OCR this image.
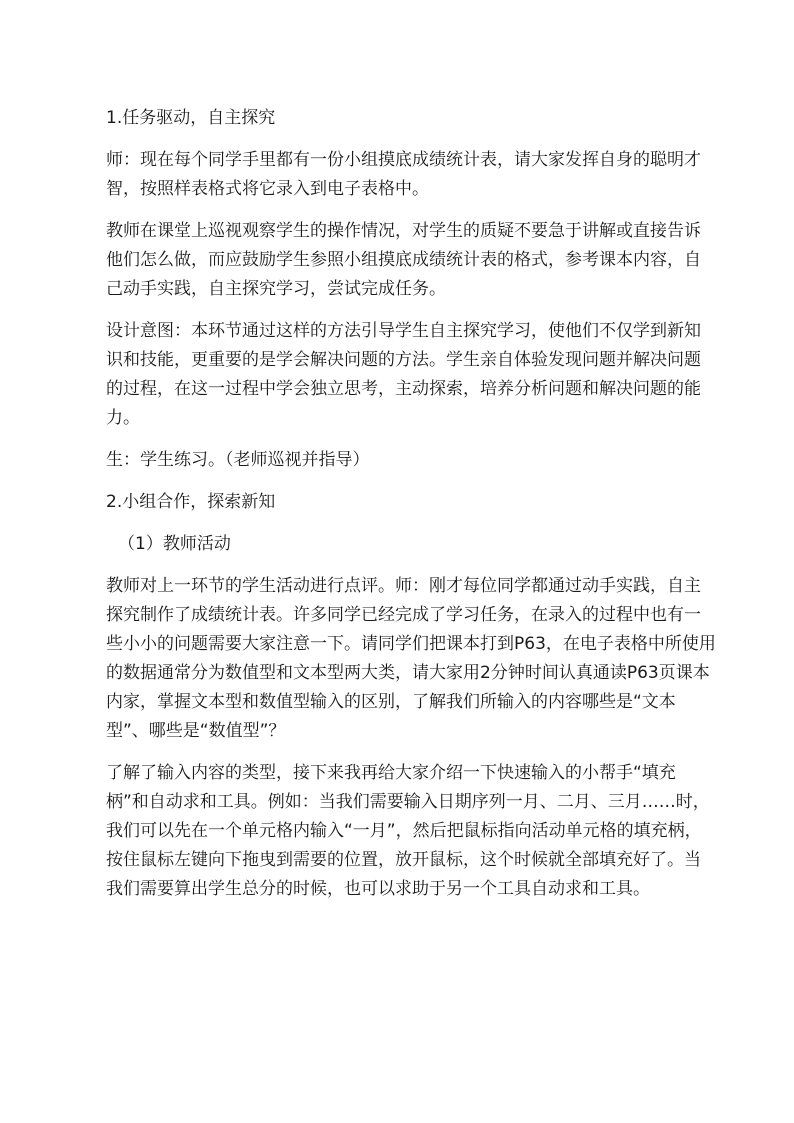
1.任务驱动，自主探究

师：现在每个同学手里都有一份小组摸底成绩统计表，请大家发挥自身的聪明才智，按照样表格式将它录入到电子表格中。

教师在课堂上巡视观察学生的操作情况，对学生的质疑不要急于讲解或直接告诉他们怎么做，而应鼓励学生参照小组摸底成绩统计表的格式，参考课本内容，自己动手实践，自主探究学习，尝试完成任务。

设计意图：本环节通过这样的方法引导学生自主探究学习，使他们不仅学到新知识和技能，更重要的是学会解决问题的方法。学生亲自体验发现问题并解决问题的过程，在这一过程中学会独立思考，主动探索，培养分析问题和解决问题的能力。

生：学生练习。（老师巡视并指导）

2.小组合作，探索新知

（1）教师活动

教师对上一环节的学生活动进行点评。师：刚才每位同学都通过动手实践，自主探究制作了成绩统计表。许多同学已经完成了学习任务，在录入的过程中也有一些小小的问题需要大家注意一下。请同学们把课本打到P63，在电子表格中所使用的数据通常分为数值型和文本型两大类，请大家用2分钟时间认真通读P63页课本内家，掌握文本型和数值型输入的区别，了解我们所输入的内容哪些是“文本型”、哪些是“数值型”？

了解了输入内容的类型，接下来我再给大家介绍一下快速输入的小帮手“填充柄”和自动求和工具。例如：当我们需要输入日期序列一月、二月、三月……时，我们可以先在一个单元格内输入“一月”，然后把鼠标指向活动单元格的填充柄，按住鼠标左键向下拖曳到需要的位置，放开鼠标，这个时候就全部填充好了。当我们需要算出学生总分的时候，也可以求助于另一个工具自动求和工具。
